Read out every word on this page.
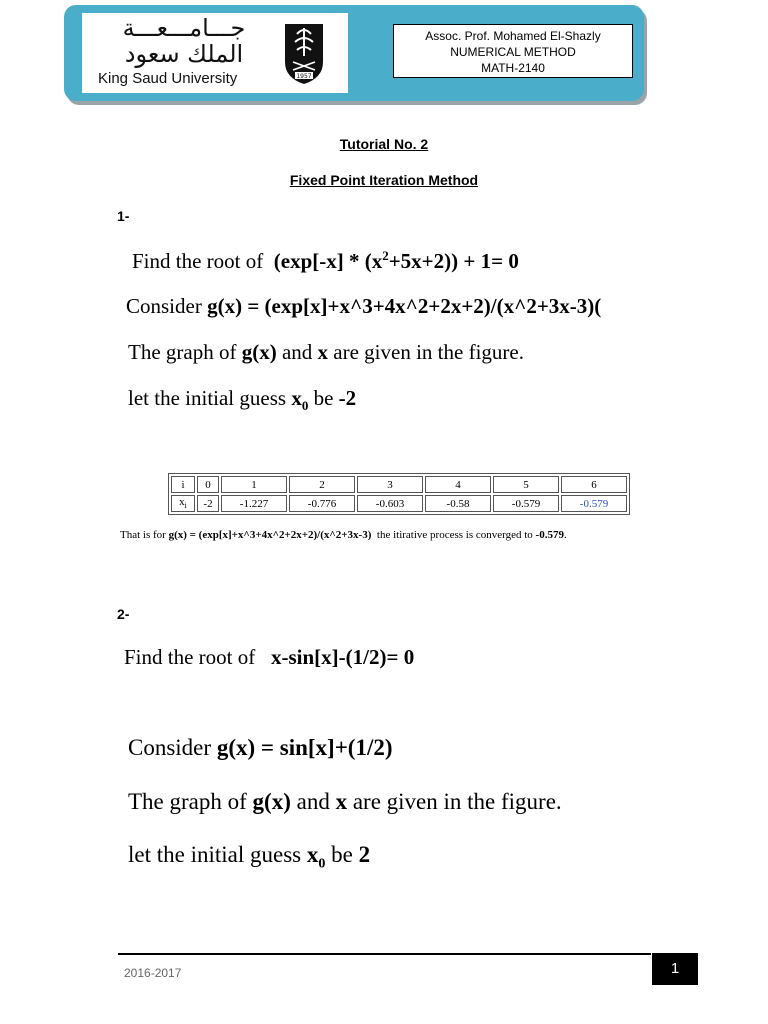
جـــامـــعـــة
الملك سعود
King Saud University	1957
Assoc. Prof. Mohamed El-Shazly
NUMERICAL METHOD
MATH-2140
Tutorial No. 2
Fixed Point Iteration Method
1-
Find the root of $(\exp[-x] * (x^2+5x+2)) + 1= 0$
Consider g(x) = (exp[x]+x^3+4x^2+2x+2)/(x^2+3x-3)(
The graph of g(x) and x are given in the figure.
let the initial guess $x_0$ be -2
i	0	1	2	3	4	5	6
$x_i$	-2	-1.227	-0.776	-0.603	-0.58	-0.579	-0.579
That is for g(x) = (exp[x]+x^3+4x^2+2x+2)/(x^2+3x-3) the itirative process is converged to -0.579.
2-
Find the root of x-sin[x]-(1/2)= 0
Consider g(x) = sin[x]+(1/2)
The graph of g(x) and x are given in the figure.
let the initial guess $x_0$ be 2
2016-2017	1
